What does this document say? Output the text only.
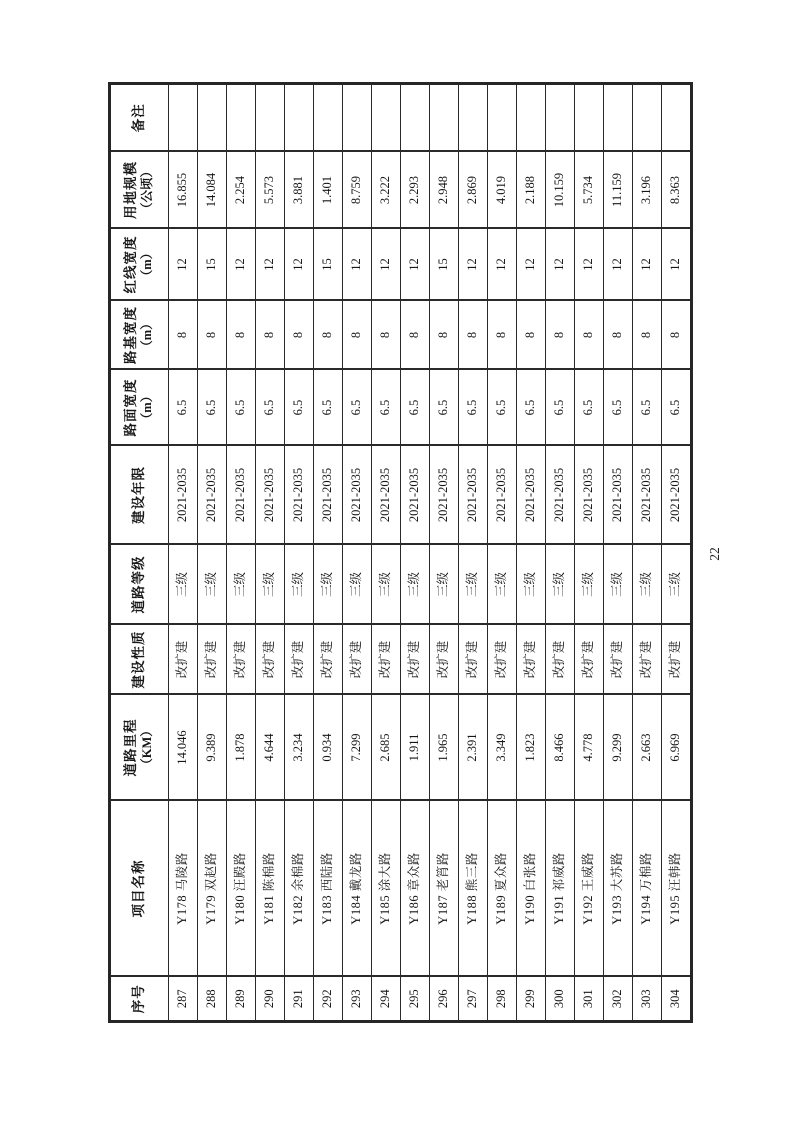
序号	项目名称	道路里程 （KM）	建设性质	道路等级	建设年限	路面宽度 （m）	路基宽度 （m）	红线宽度 （m）	用地规模 （公顷）	备注
287	Y178 马陵路	14.046	改扩建	三级	2021-2035	6.5	8	12	16.855	
288	Y179 双赵路	9.389	改扩建	三级	2021-2035	6.5	8	15	14.084	
289	Y180 汪殿路	1.878	改扩建	三级	2021-2035	6.5	8	12	2.254	
290	Y181 陈棉路	4.644	改扩建	三级	2021-2035	6.5	8	12	5.573	
291	Y182 余棉路	3.234	改扩建	三级	2021-2035	6.5	8	12	3.881	
292	Y183 西陆路	0.934	改扩建	三级	2021-2035	6.5	8	15	1.401	
293	Y184 戴龙路	7.299	改扩建	三级	2021-2035	6.5	8	12	8.759	
294	Y185 涂大路	2.685	改扩建	三级	2021-2035	6.5	8	12	3.222	
295	Y186 章众路	1.911	改扩建	三级	2021-2035	6.5	8	12	2.293	
296	Y187 老筲路	1.965	改扩建	三级	2021-2035	6.5	8	15	2.948	
297	Y188 熊三路	2.391	改扩建	三级	2021-2035	6.5	8	12	2.869	
298	Y189 夏众路	3.349	改扩建	三级	2021-2035	6.5	8	12	4.019	
299	Y190 白张路	1.823	改扩建	三级	2021-2035	6.5	8	12	2.188	
300	Y191 祁威路	8.466	改扩建	三级	2021-2035	6.5	8	12	10.159	
301	Y192 王威路	4.778	改扩建	三级	2021-2035	6.5	8	12	5.734	
302	Y193 大苏路	9.299	改扩建	三级	2021-2035	6.5	8	12	11.159	
303	Y194 万棉路	2.663	改扩建	三级	2021-2035	6.5	8	12	3.196	
304	Y195 汪韩路	6.969	改扩建	三级	2021-2035	6.5	8	12	8.363	
22
